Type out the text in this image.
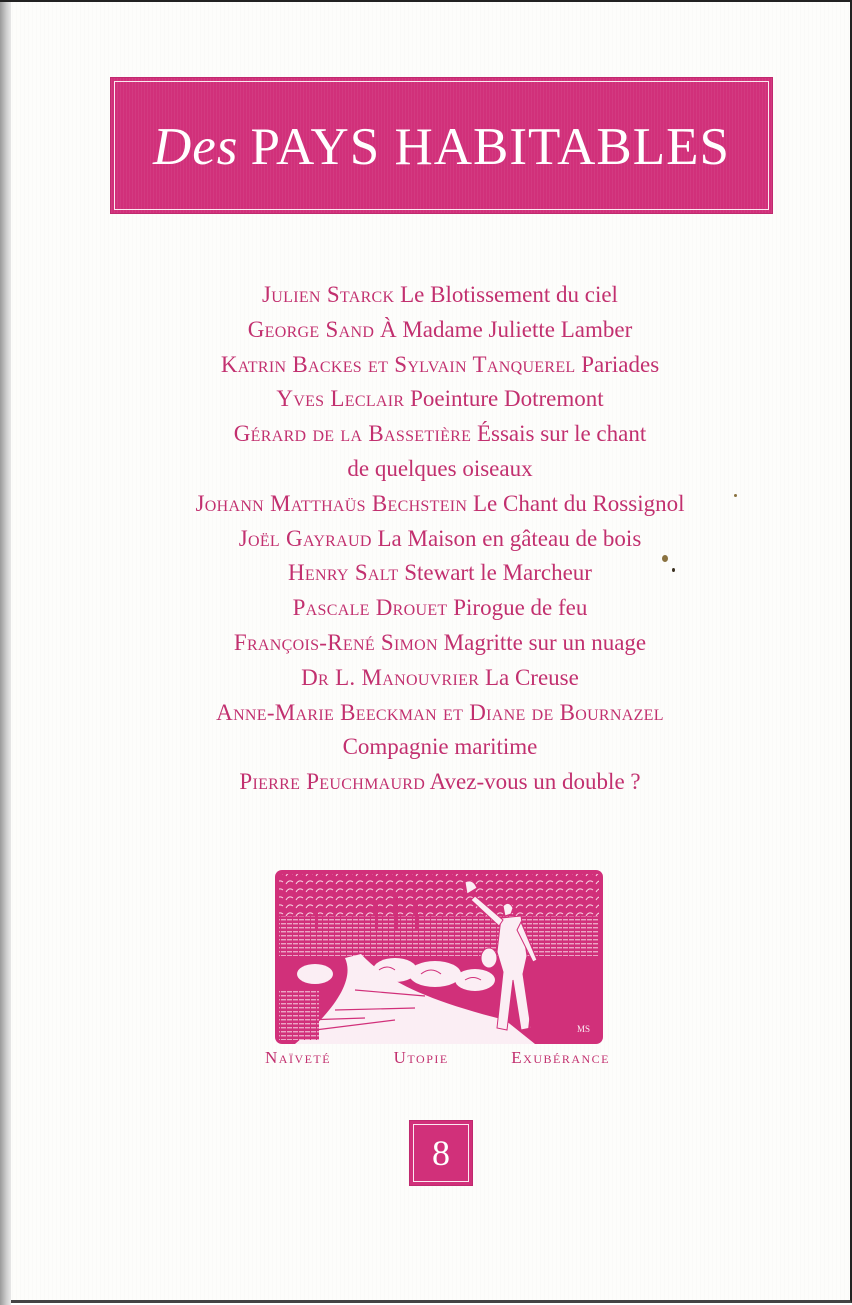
Des PAYS HABITABLES
Julien Starck Le Blotissement du ciel
George Sand À Madame Juliette Lamber
Katrin Backes et Sylvain Tanquerel Pariades
Yves Leclair Poeinture Dotremont
Gérard de la Bassetière Éssais sur le chant
de quelques oiseaux
Johann Matthaüs Bechstein Le Chant du Rossignol
Joël Gayraud La Maison en gâteau de bois
Henry Salt Stewart le Marcheur
Pascale Drouet Pirogue de feu
François-René Simon Magritte sur un nuage
Dr L. Manouvrier La Creuse
Anne-Marie Beeckman et Diane de Bournazel
Compagnie maritime
Pierre Peuchmaurd Avez-vous un double ?
MS
Naïveté	Utopie	Exubérance
8
